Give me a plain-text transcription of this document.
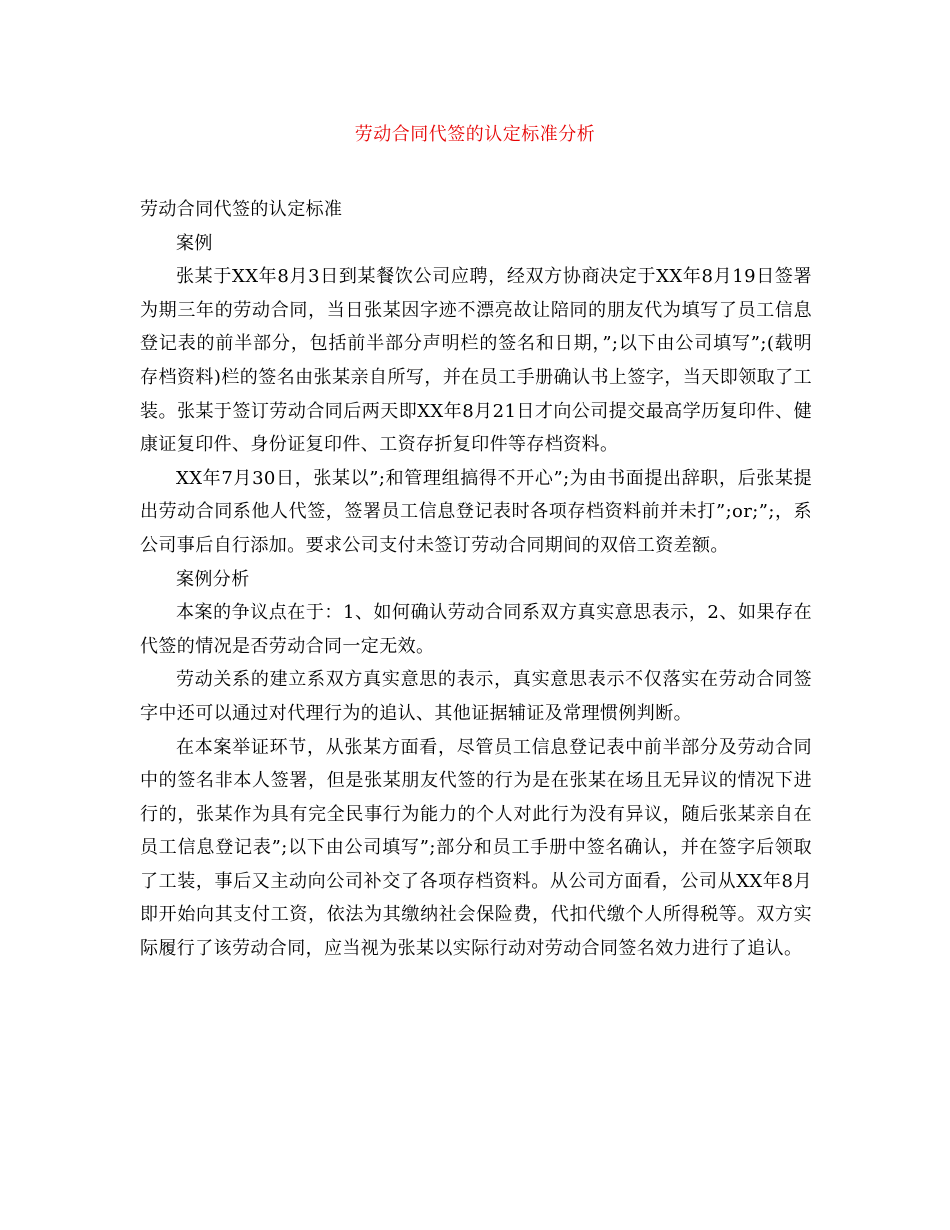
劳动合同代签的认定标准分析

劳动合同代签的认定标准

案例

张某于XX年8月3日到某餐饮公司应聘，经双方协商决定于XX年8月19日签署为期三年的劳动合同，当日张某因字迹不漂亮故让陪同的朋友代为填写了员工信息登记表的前半部分，包括前半部分声明栏的签名和日期，”;以下由公司填写”;(载明存档资料)栏的签名由张某亲自所写，并在员工手册确认书上签字，当天即领取了工装。张某于签订劳动合同后两天即XX年8月21日才向公司提交最高学历复印件、健康证复印件、身份证复印件、工资存折复印件等存档资料。

XX年7月30日，张某以”;和管理组搞得不开心”;为由书面提出辞职，后张某提出劳动合同系他人代签，签署员工信息登记表时各项存档资料前并未打”;or;”;，系公司事后自行添加。要求公司支付未签订劳动合同期间的双倍工资差额。

案例分析

本案的争议点在于：1、如何确认劳动合同系双方真实意思表示，2、如果存在代签的情况是否劳动合同一定无效。

劳动关系的建立系双方真实意思的表示，真实意思表示不仅落实在劳动合同签字中还可以通过对代理行为的追认、其他证据辅证及常理惯例判断。

在本案举证环节，从张某方面看，尽管员工信息登记表中前半部分及劳动合同中的签名非本人签署，但是张某朋友代签的行为是在张某在场且无异议的情况下进行的，张某作为具有完全民事行为能力的个人对此行为没有异议，随后张某亲自在员工信息登记表”;以下由公司填写”;部分和员工手册中签名确认，并在签字后领取了工装，事后又主动向公司补交了各项存档资料。从公司方面看，公司从XX年8月即开始向其支付工资，依法为其缴纳社会保险费，代扣代缴个人所得税等。双方实际履行了该劳动合同，应当视为张某以实际行动对劳动合同签名效力进行了追认。
